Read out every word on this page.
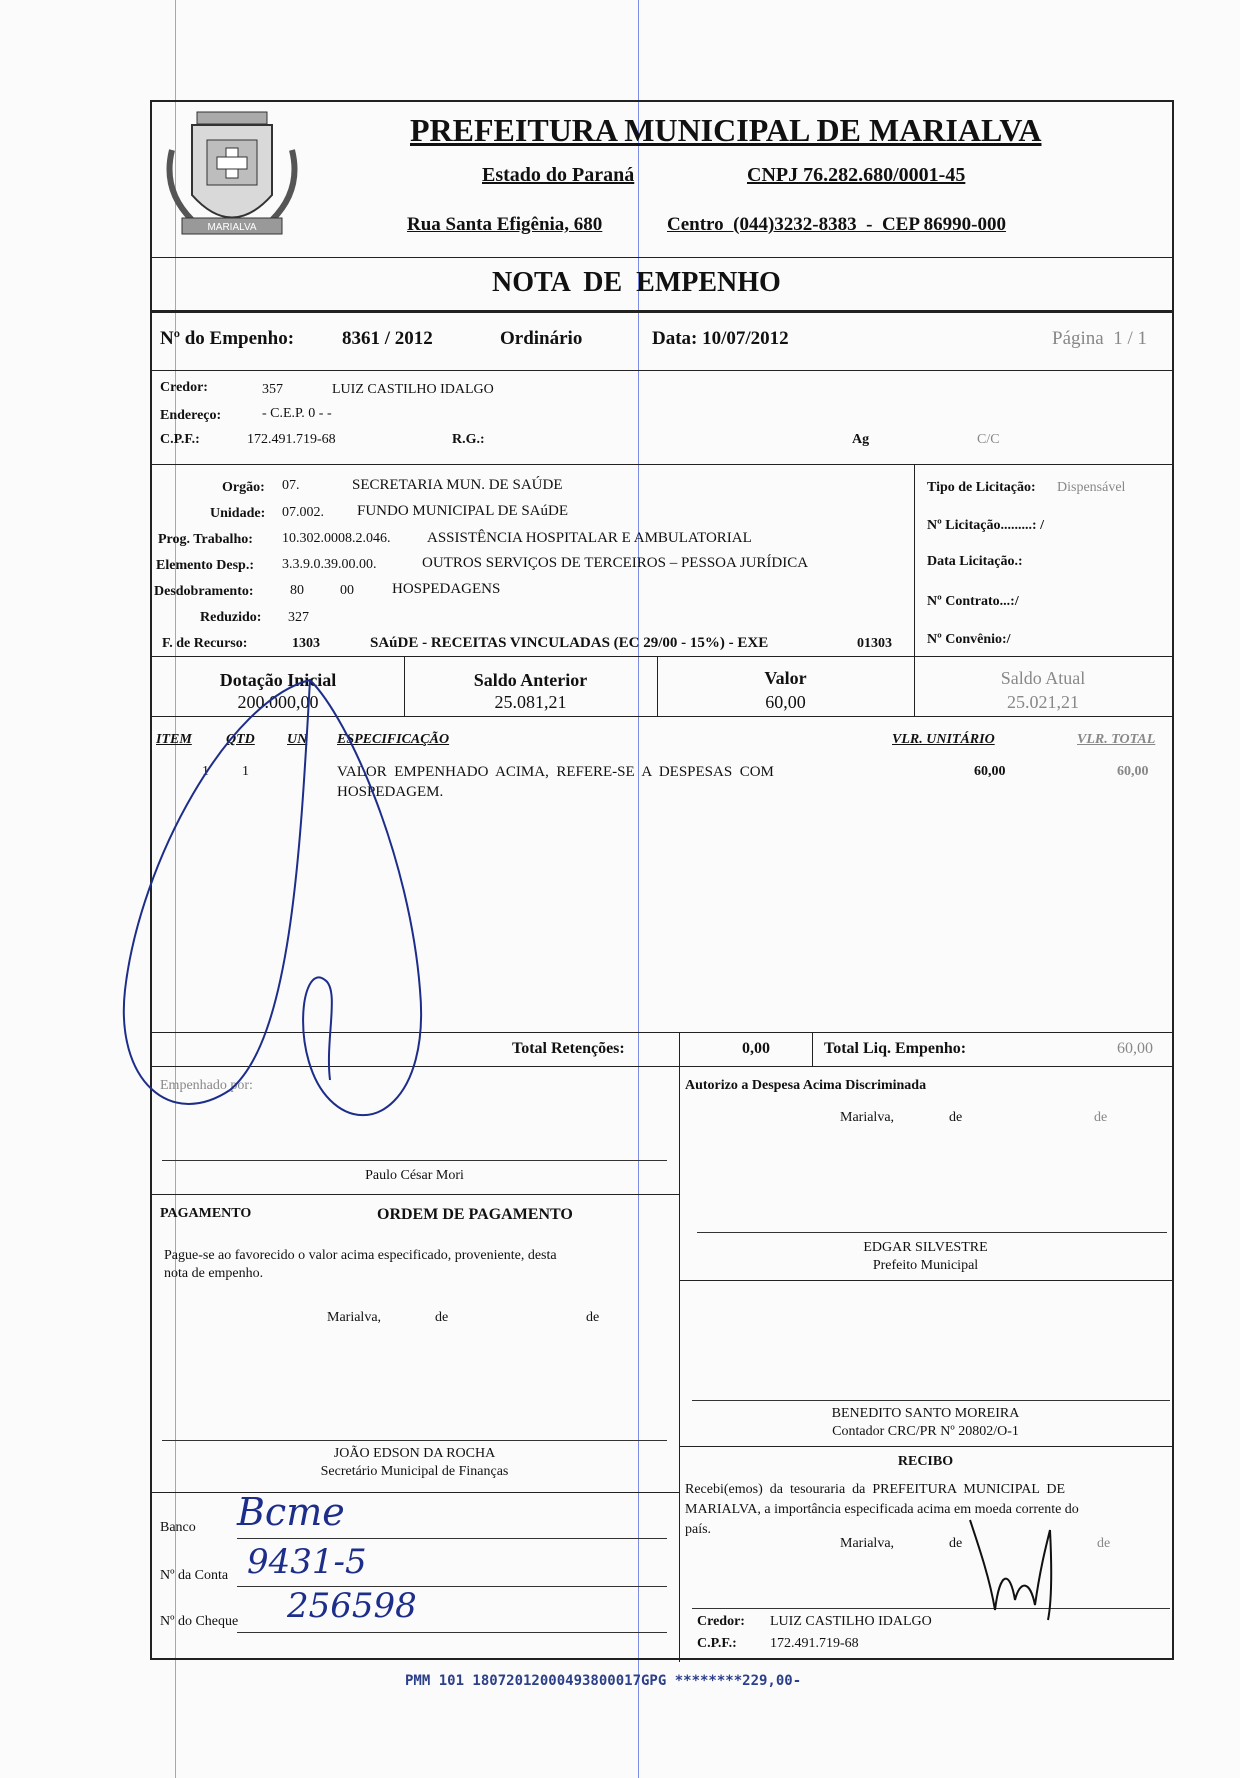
MARIALVA
PREFEITURA MUNICIPAL DE MARIALVA
Estado do Paraná	CNPJ 76.282.680/0001-45
Rua Santa Efigênia, 680	Centro  (044)3232-8383  -  CEP 86990-000
NOTA  DE  EMPENHO
Nº do Empenho:	8361 / 2012	Ordinário	Data: 10/07/2012	Página  1 / 1
Credor:	357	LUIZ CASTILHO IDALGO
Endereço:	- C.E.P. 0 - -
C.P.F.:	172.491.719-68	R.G.:	Ag	C/C
Orgão: 07.	SECRETARIA MUN. DE SAÚDE
Unidade: 07.002. FUNDO MUNICIPAL DE SAúDE
Prog. Trabalho: 10.302.0008.2.046. ASSISTÊNCIA HOSPITALAR E AMBULATORIAL
Elemento Desp.: 3.3.9.0.39.00.00.	OUTROS SERVIÇOS DE TERCEIROS – PESSOA JURÍDICA
Desdobramento:	80	00	HOSPEDAGENS
Reduzido: 327
F. de Recurso:	1303	SAúDE - RECEITAS VINCULADAS (EC 29/00 - 15%) - EXE	01303
Tipo de Licitação: Dispensável
Nº Licitação.........: /
Data Licitação.:
Nº Contrato...:/
Nº Convênio:/
Dotação Inicial
200.000,00
Saldo Anterior
25.081,21
Valor
60,00
Saldo Atual
25.021,21
ITEM QTD UN ESPECIFICAÇÃO	VLR. UNITÁRIO	VLR. TOTAL
1 1	VALOR  EMPENHADO  ACIMA,  REFERE-SE  A  DESPESAS  COM
HOSPEDAGEM.
60,00	60,00
Total Retenções:	0,00	Total Liq. Empenho:	60,00
Empenhado por:
Paulo César Mori
Autorizo a Despesa Acima Discriminada
Marialva,	de	de
EDGAR SILVESTRE
Prefeito Municipal
BENEDITO SANTO MOREIRA
Contador CRC/PR Nº 20802/O-1
PAGAMENTO	ORDEM DE PAGAMENTO
Pague-se ao favorecido o valor acima especificado, proveniente, desta
nota de empenho.
Marialva,	de	de
JOÃO EDSON DA ROCHA
Secretário Municipal de Finanças
Banco Bcme
Nº da Conta 9431-5
Nº do Cheque 256598
RECIBO
Recebi(emos)  da  tesouraria  da  PREFEITURA  MUNICIPAL  DE
MARIALVA, a importância especificada acima em moeda corrente do
país.
Marialva,	de	de
Credor: LUIZ CASTILHO IDALGO
C.P.F.: 172.491.719-68
PMM 101 18072012000493800017GPG ********229,00-
